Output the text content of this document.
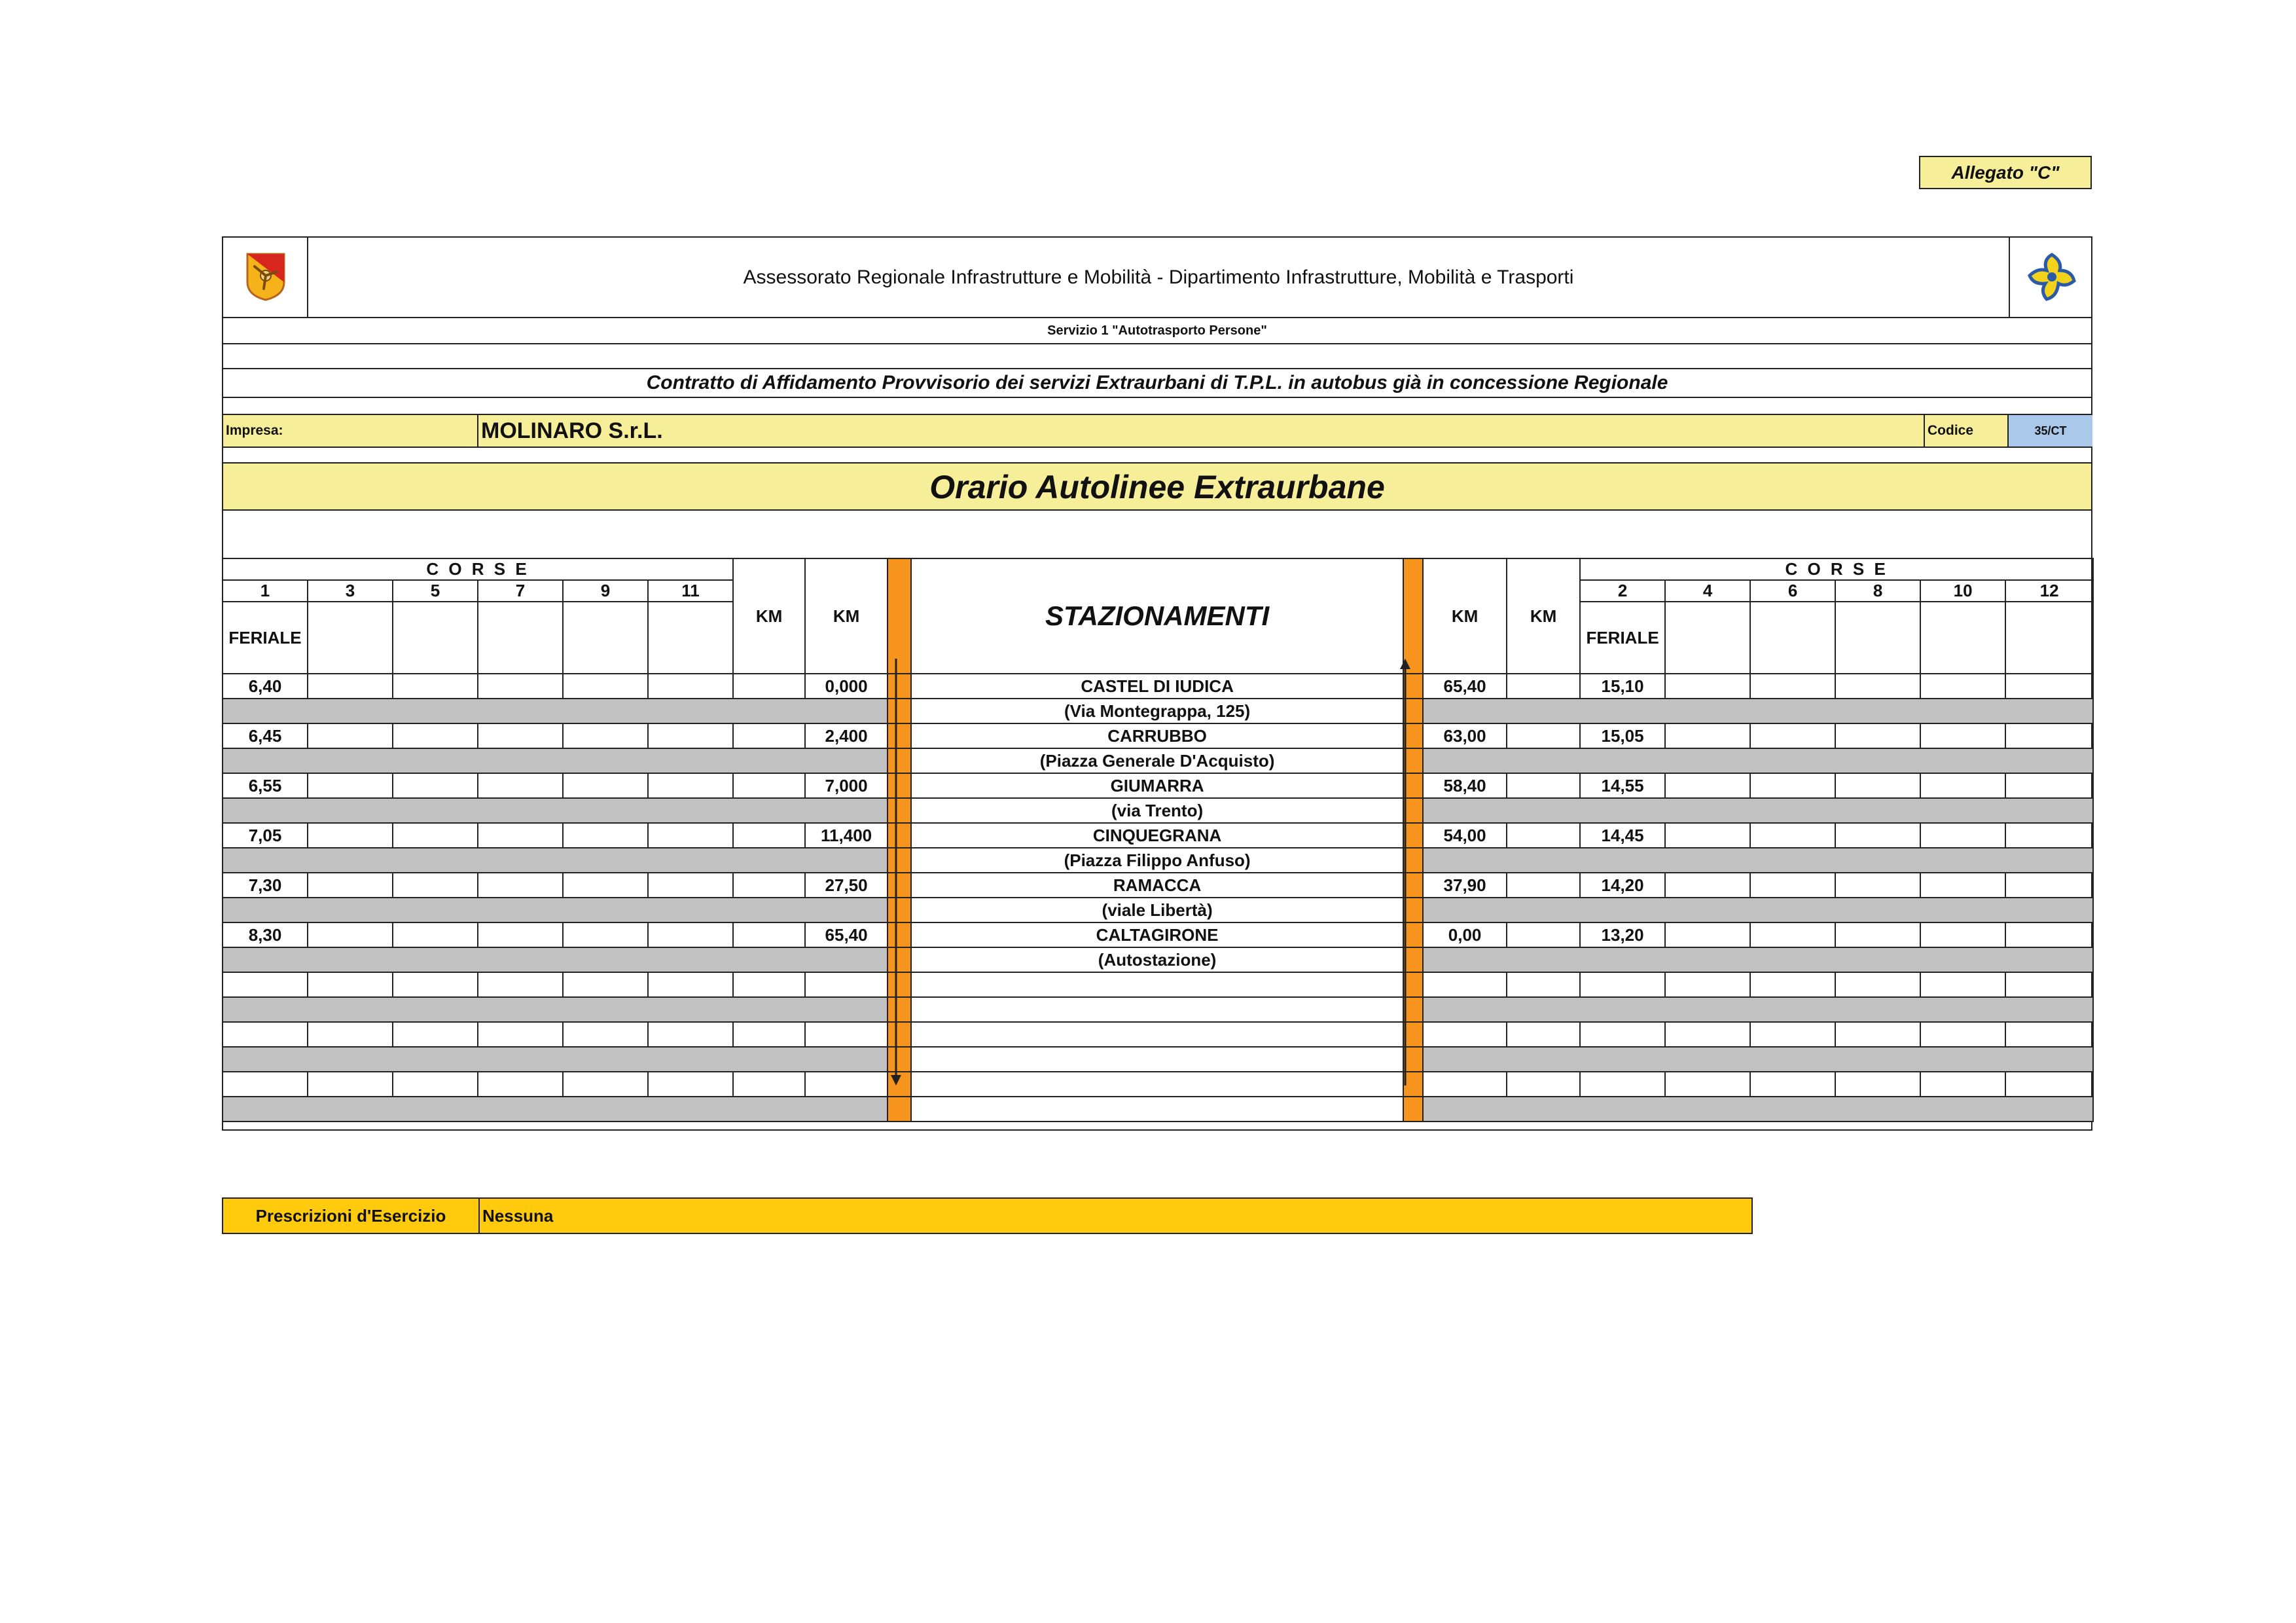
Allegato "C"
Assessorato Regionale Infrastrutture e Mobilità - Dipartimento Infrastrutture, Mobilità e Trasporti
Servizio 1 "Autotrasporto Persone"
Contratto di Affidamento Provvisorio dei servizi Extraurbani di T.P.L. in autobus già in concessione Regionale
Impresa:	MOLINARO S.r.L.	Codice	35/CT
Orario Autolinee Extraurbane
C O R S E						KM	KM		STAZIONAMENTI		KM	KM	C O R S E					
1	3	5	7	9	11								2	4	6	8	10	12
FERIALE													FERIALE					
6,40							0,000		CASTEL DI IUDICA		65,40		15,10					
									(Via Montegrappa, 125)									
6,45							2,400		CARRUBBO		63,00		15,05					
									(Piazza Generale D'Acquisto)									
6,55							7,000		GIUMARRA		58,40		14,55					
									(via Trento)									
7,05							11,400		CINQUEGRANA		54,00		14,45					
									(Piazza Filippo Anfuso)									
7,30							27,50		RAMACCA		37,90		14,20					
									(viale Libertà)									
8,30							65,40		CALTAGIRONE		0,00		13,20					
									(Autostazione)									

Prescrizioni d'Esercizio	Nessuna
